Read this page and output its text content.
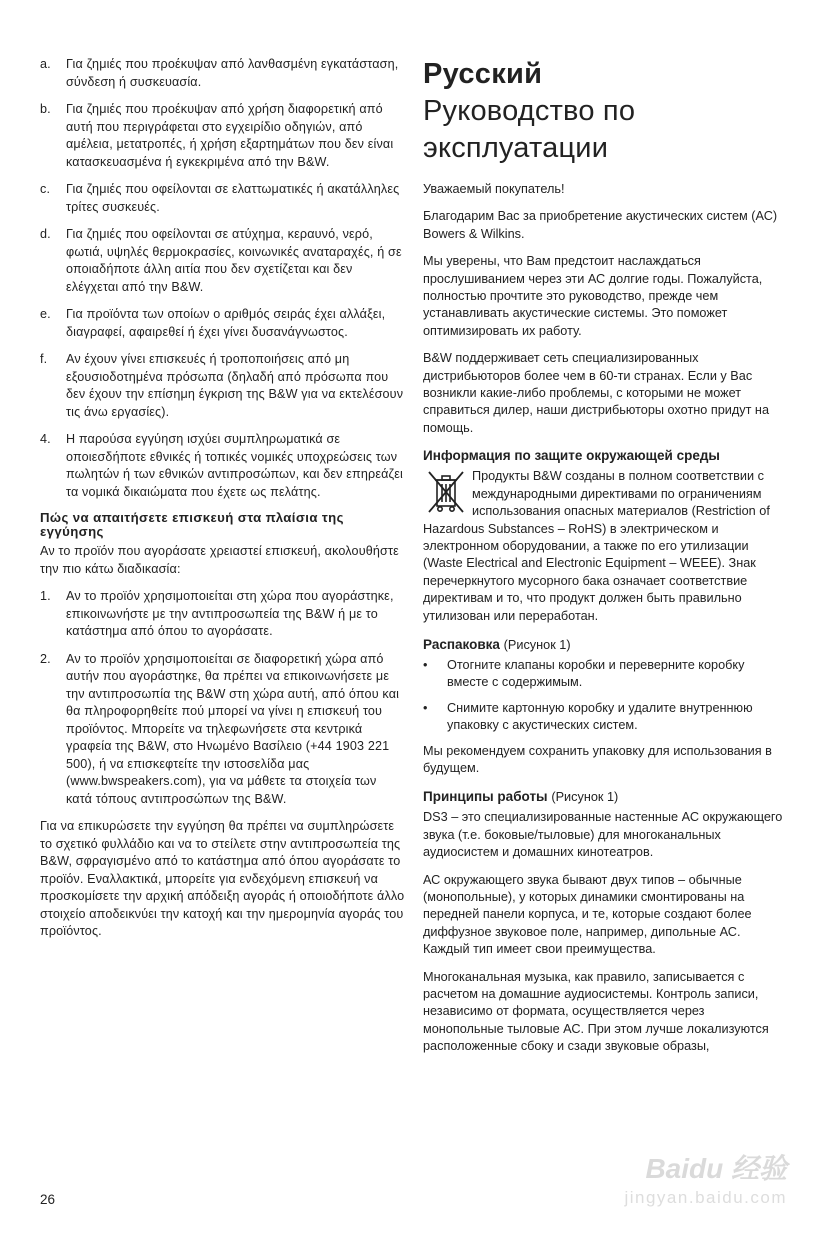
a.	Για ζημιές που προέκυψαν από λανθασμένη εγκατάσταση, σύνδεση ή συσκευασία.
b.	Για ζημιές που προέκυψαν από χρήση διαφορετική από αυτή που περιγράφεται στο εγχειρίδιο οδηγιών, από αμέλεια, μετατροπές, ή χρήση εξαρτημάτων που δεν είναι κατασκευασμένα ή εγκεκριμένα από την B&W.
c.	Για ζημιές που οφείλονται σε ελαττωματικές ή ακατάλληλες τρίτες συσκευές.
d.	Για ζημιές που οφείλονται σε ατύχημα, κεραυνό, νερό, φωτιά, υψηλές θερμοκρασίες, κοινωνικές αναταραχές, ή σε οποιαδήποτε άλλη αιτία που δεν σχετίζεται και δεν ελέγχεται από την B&W.
e.	Για προϊόντα των οποίων ο αριθμός σειράς έχει αλλάξει, διαγραφεί, αφαιρεθεί ή έχει γίνει δυσανάγνωστος.
f.	Αν έχουν γίνει επισκευές ή τροποποιήσεις από μη εξουσιοδοτημένα πρόσωπα (δηλαδή από πρόσωπα που δεν έχουν την επίσημη έγκριση της B&W για να εκτελέσουν τις άνω εργασίες).
4.	Η παρούσα εγγύηση ισχύει συμπληρωματικά σε οποιεσδήποτε εθνικές ή τοπικές νομικές υποχρεώσεις των πωλητών ή των εθνικών αντιπροσώπων, και δεν επηρεάζει τα νομικά δικαιώματα που έχετε ως πελάτης.
Πώς να απαιτήσετε επισκευή στα πλαίσια της εγγύησης

Αν το προϊόν που αγοράσατε χρειαστεί επισκευή, ακολουθήστε την πιο κάτω διαδικασία:

1.	Αν το προϊόν χρησιμοποιείται στη χώρα που αγοράστηκε, επικοινωνήστε με την αντιπροσωπεία της B&W ή με το κατάστημα από όπου το αγοράσατε.
2.	Αν το προϊόν χρησιμοποιείται σε διαφορετική χώρα από αυτήν που αγοράστηκε, θα πρέπει να επικοινωνήσετε με την αντιπροσωπία της B&W στη χώρα αυτή, από όπου και θα πληροφορηθείτε πού μπορεί να γίνει η επισκευή του προϊόντος. Μπορείτε να τηλεφωνήσετε στα κεντρικά γραφεία της B&W, στο Ηνωμένο Βασίλειο (+44 1903 221 500), ή να επισκεφτείτε την ιστοσελίδα μας (www.bwspeakers.com), για να μάθετε τα στοιχεία των κατά τόπους αντιπροσώπων της B&W.

Για να επικυρώσετε την εγγύηση θα πρέπει να συμπληρώσετε το σχετικό φυλλάδιο και να το στείλετε στην αντιπροσωπεία της B&W, σφραγισμένο από το κατάστημα από όπου αγοράσατε το προϊόν. Εναλλακτικά, μπορείτε για ενδεχόμενη επισκευή να προσκομίσετε την αρχική απόδειξη αγοράς ή οποιοδήποτε άλλο στοιχείο αποδεικνύει την κατοχή και την ημερομηνία αγοράς του προϊόντος.

Русский
Руководство по эксплуатации

Уважаемый покупатель!

Благодарим Вас за приобретение акустических систем (АС) Bowers & Wilkins.

Мы уверены, что Вам предстоит наслаждаться прослушиванием через эти АС долгие годы. Пожалуйста, полностью прочтите это руководство, прежде чем устанавливать акустические системы. Это поможет оптимизировать их работу.

B&W поддерживает сеть специализированных дистрибьюторов более чем в 60-ти странах. Если у Вас возникли какие-либо проблемы, с которыми не может справиться дилер, наши дистрибьюторы охотно придут на помощь.

Информация по защите окружающей среды

Продукты B&W созданы в полном соответствии с международными директивами по ограничениям использования опасных материалов (Restriction of Hazardous Substances – RoHS) в электрическом и электронном оборудовании, а также по его утилизации (Waste Electrical and Electronic Equipment – WEEE). Знак перечеркнутого мусорного бака означает соответствие директивам и то, что продукт должен быть правильно утилизован или переработан.

Распаковка (Рисунок 1)
•	Отогните клапаны коробки и переверните коробку вместе с содержимым.
•	Снимите картонную коробку и удалите внутреннюю упаковку с акустических систем.

Мы рекомендуем сохранить упаковку для использования в будущем.

Принципы работы (Рисунок 1)

DS3 – это специализированные настенные АС окружающего звука (т.е. боковые/тыловые) для многоканальных аудиосистем и домашних кинотеатров.

АС окружающего звука бывают двух типов – обычные (монопольные), у которых динамики смонтированы на передней панели корпуса, и те, которые создают более диффузное звуковое поле, например, дипольные АС. Каждый тип имеет свои преимущества.

Многоканальная музыка, как правило, записывается с расчетом на домашние аудиосистемы. Контроль записи, независимо от формата, осуществляется через монопольные тыловые АС. При этом лучше локализуются расположенные сбоку и сзади звуковые образы,

26
Baidu 经验
jingyan.baidu.com
